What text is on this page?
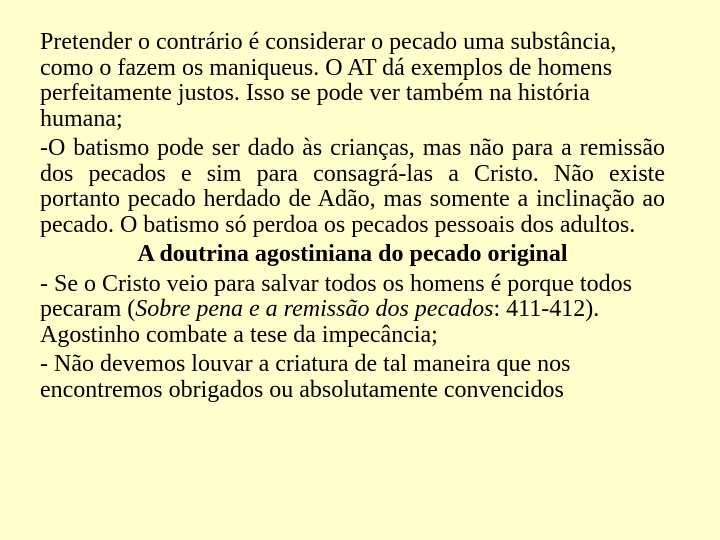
Pretender o contrário é considerar o pecado uma substância, como o fazem os maniqueus. O AT dá exemplos de homens perfeitamente justos. Isso se pode ver também na história humana;

-O batismo pode ser dado às crianças, mas não para a remissão dos pecados e sim para consagrá-las a Cristo. Não existe portanto pecado herdado de Adão, mas somente a inclinação ao pecado. O batismo só perdoa os pecados pessoais dos adultos.

A doutrina agostiniana do pecado original

- Se o Cristo veio para salvar todos os homens é porque todos pecaram (Sobre pena e a remissão dos pecados: 411-412). Agostinho combate a tese da impecância;

- Não devemos louvar a criatura de tal maneira que nos encontremos obrigados ou absolutamente convencidos
